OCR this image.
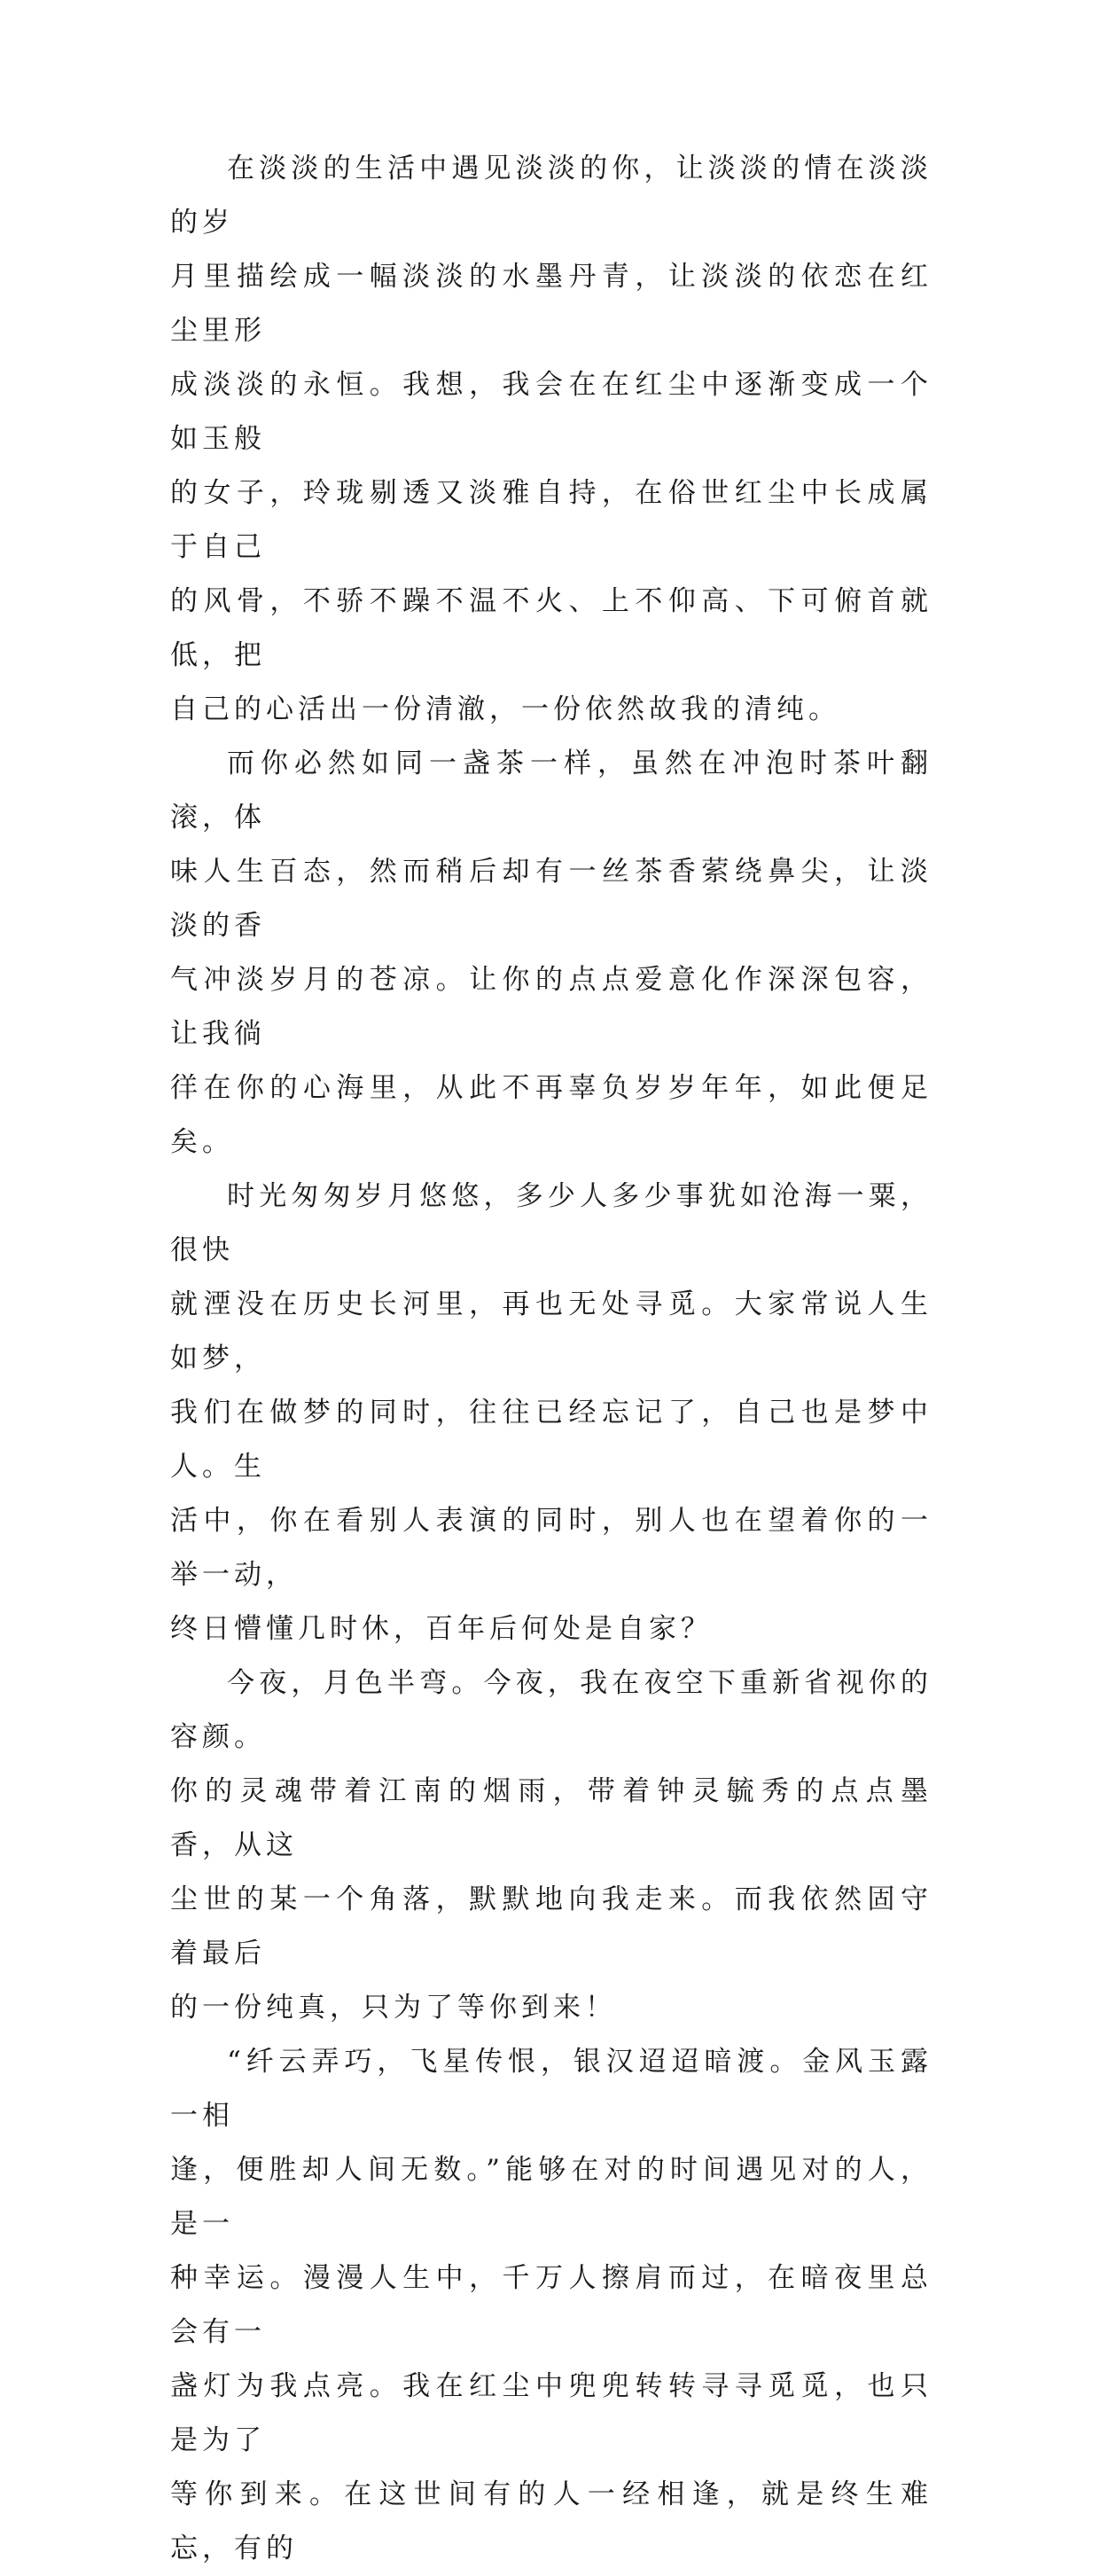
在淡淡的生活中遇见淡淡的你，让淡淡的情在淡淡的岁
月里描绘成一幅淡淡的水墨丹青，让淡淡的依恋在红尘里形
成淡淡的永恒。我想，我会在在红尘中逐渐变成一个如玉般
的女子，玲珑剔透又淡雅自持，在俗世红尘中长成属于自己
的风骨，不骄不躁不温不火、上不仰高、下可俯首就低，把
自己的心活出一份清澈，一份依然故我的清纯。

而你必然如同一盏茶一样，虽然在冲泡时茶叶翻滚，体
味人生百态，然而稍后却有一丝茶香萦绕鼻尖，让淡淡的香
气冲淡岁月的苍凉。让你的点点爱意化作深深包容，让我徜
徉在你的心海里，从此不再辜负岁岁年年，如此便足矣。

时光匆匆岁月悠悠，多少人多少事犹如沧海一粟，很快
就湮没在历史长河里，再也无处寻觅。大家常说人生如梦，
我们在做梦的同时，往往已经忘记了，自己也是梦中人。生
活中，你在看别人表演的同时，别人也在望着你的一举一动，
终日懵懂几时休，百年后何处是自家？

今夜，月色半弯。今夜，我在夜空下重新省视你的容颜。
你的灵魂带着江南的烟雨，带着钟灵毓秀的点点墨香，从这
尘世的某一个角落，默默地向我走来。而我依然固守着最后
的一份纯真，只为了等你到来！

“纤云弄巧，飞星传恨，银汉迢迢暗渡。金风玉露一相
逢，便胜却人间无数。”能够在对的时间遇见对的人，是一
种幸运。漫漫人生中，千万人擦肩而过，在暗夜里总会有一
盏灯为我点亮。我在红尘中兜兜转转寻寻觅觅，也只是为了
等你到来。在这世间有的人一经相逢，就是终生难忘，有的
